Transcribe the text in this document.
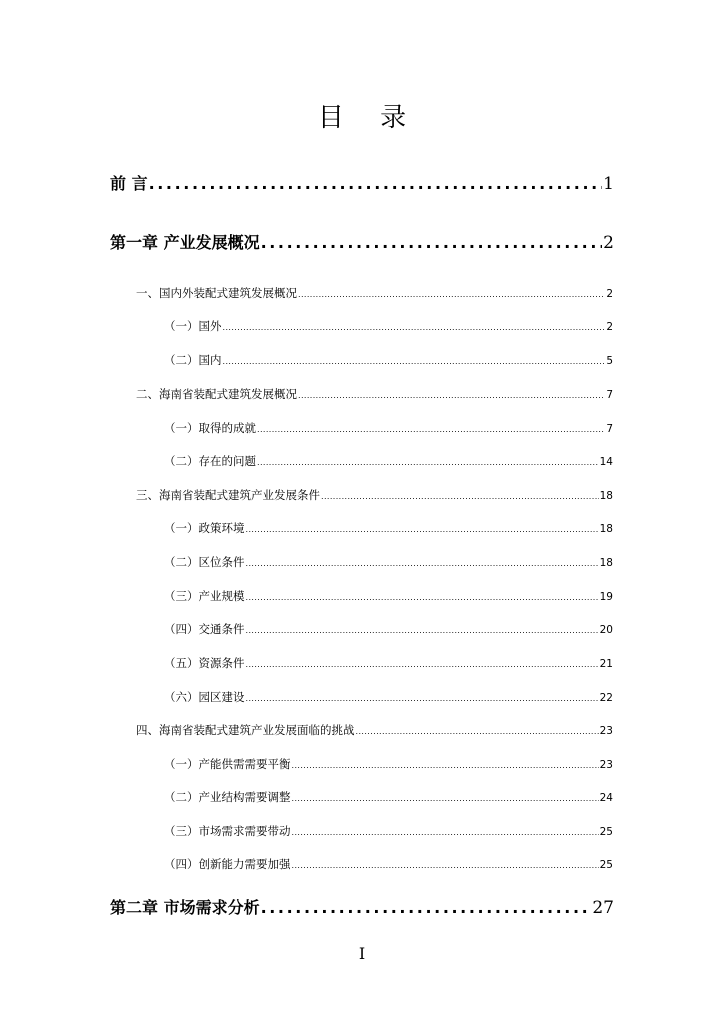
目 录
前 言 .....	1
第一章 产业发展概况 .....	2
一、国内外装配式建筑发展概况 .....	2
（一）国外 .....	2
（二）国内 .....	5
二、海南省装配式建筑发展概况 .....	7
（一）取得的成就 .....	7
（二）存在的问题 .....	14
三、海南省装配式建筑产业发展条件 .....	18
（一）政策环境 .....	18
（二）区位条件 .....	18
（三）产业规模 .....	19
（四）交通条件 .....	20
（五）资源条件 .....	21
（六）园区建设 .....	22
四、海南省装配式建筑产业发展面临的挑战 .....	23
（一）产能供需需要平衡 .....	23
（二）产业结构需要调整 .....	24
（三）市场需求需要带动 .....	25
（四）创新能力需要加强 .....	25
第二章 市场需求分析 .....	27
I
